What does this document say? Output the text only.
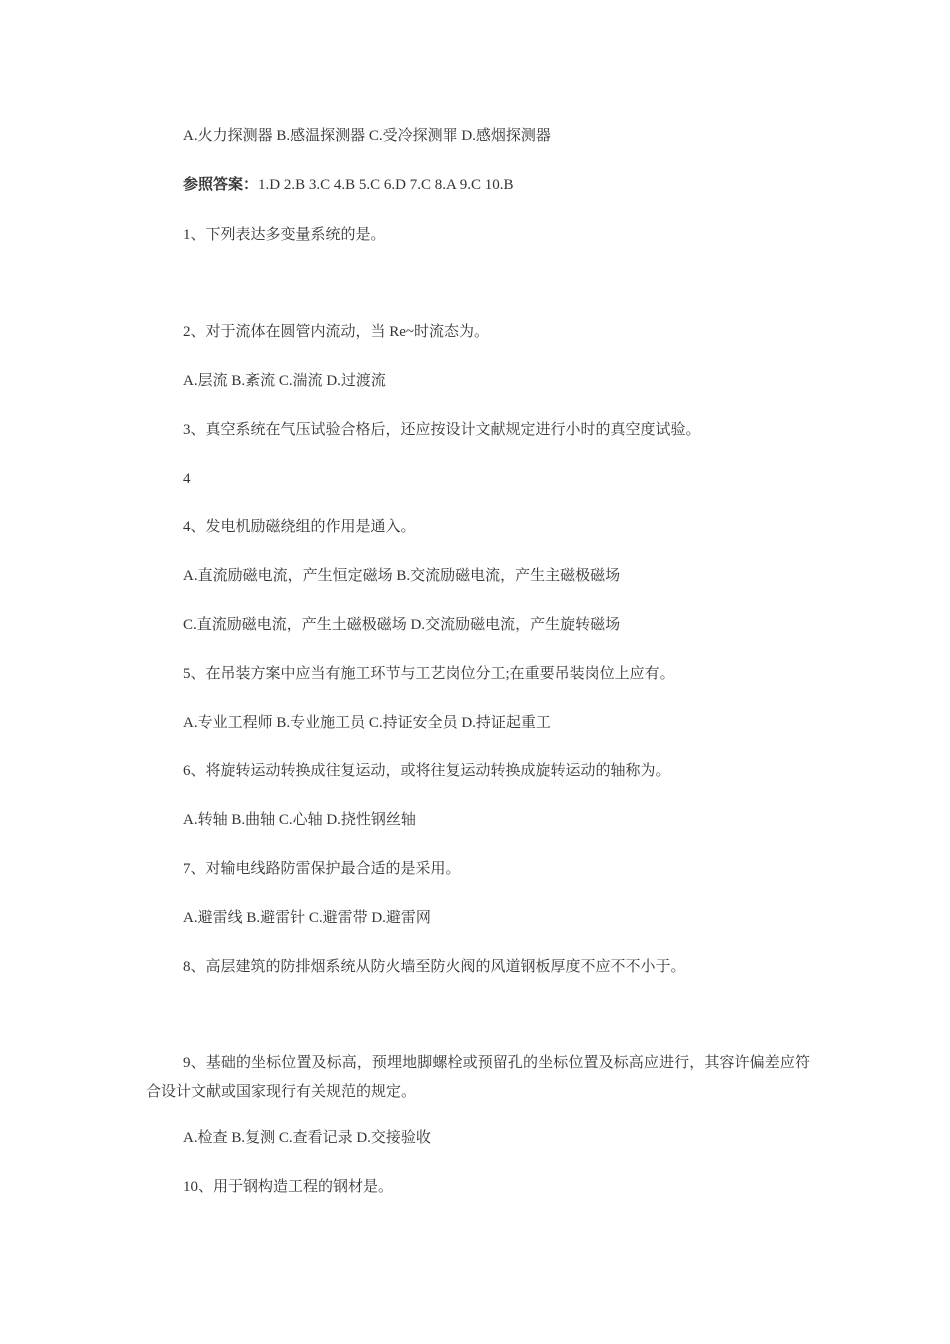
A.火力探测器 B.感温探测器 C.受冷探测罪 D.感烟探测器
参照答案：1.D 2.B 3.C 4.B 5.C 6.D 7.C 8.A 9.C 10.B
1、下列表达多变量系统的是。
2、对于流体在圆管内流动，当 Re~时流态为。
A.层流 B.紊流 C.湍流 D.过渡流
3、真空系统在气压试验合格后，还应按设计文献规定进行小时的真空度试验。
4
4、发电机励磁绕组的作用是通入。
A.直流励磁电流，产生恒定磁场 B.交流励磁电流，产生主磁极磁场
C.直流励磁电流，产生土磁极磁场 D.交流励磁电流，产生旋转磁场
5、在吊装方案中应当有施工环节与工艺岗位分工;在重要吊装岗位上应有。
A.专业工程师 B.专业施工员 C.持证安全员 D.持证起重工
6、将旋转运动转换成往复运动，或将往复运动转换成旋转运动的轴称为。
A.转轴 B.曲轴 C.心轴 D.挠性钢丝轴
7、对输电线路防雷保护最合适的是采用。
A.避雷线 B.避雷针 C.避雷带 D.避雷网
8、高层建筑的防排烟系统从防火墙至防火阀的风道钢板厚度不应不不小于。
9、基础的坐标位置及标高，预埋地脚螺栓或预留孔的坐标位置及标高应进行，其容许偏差应符合设计文献或国家现行有关规范的规定。
A.检查 B.复测 C.查看记录 D.交接验收
10、用于钢构造工程的钢材是。
